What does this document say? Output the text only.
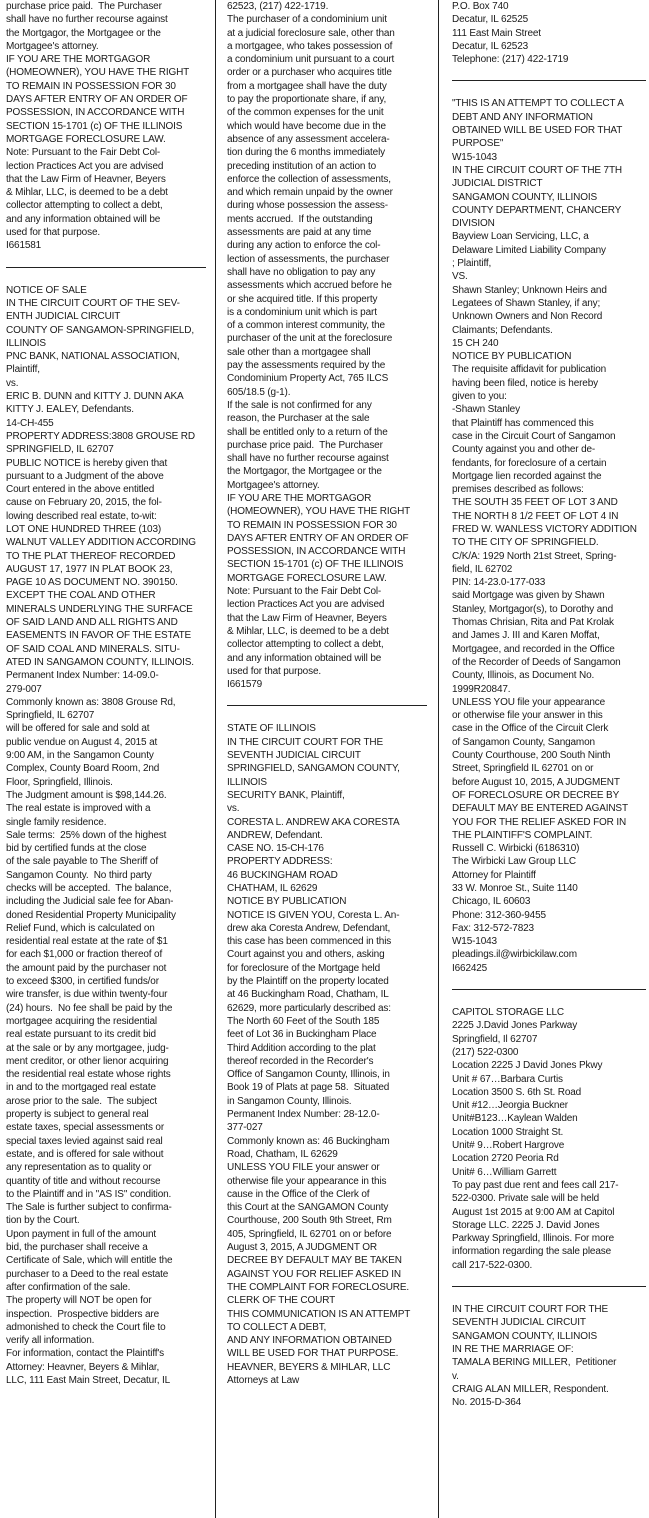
purchase price paid.  The Purchaser
shall have no further recourse against
the Mortgagor, the Mortgagee or the
Mortgagee's attorney.
IF YOU ARE THE MORTGAGOR
(HOMEOWNER), YOU HAVE THE RIGHT
TO REMAIN IN POSSESSION FOR 30
DAYS AFTER ENTRY OF AN ORDER OF
POSSESSION, IN ACCORDANCE WITH
SECTION 15-1701 (c) OF THE ILLINOIS
MORTGAGE FORECLOSURE LAW.
Note: Pursuant to the Fair Debt Col-
lection Practices Act you are advised
that the Law Firm of Heavner, Beyers
& Mihlar, LLC, is deemed to be a debt
collector attempting to collect a debt,
and any information obtained will be
used for that purpose.
I661581
NOTICE OF SALE
IN THE CIRCUIT COURT OF THE SEV-
ENTH JUDICIAL CIRCUIT
COUNTY OF SANGAMON-SPRINGFIELD,
ILLINOIS
PNC BANK, NATIONAL ASSOCIATION,
Plaintiff,
vs.
ERIC B. DUNN and KITTY J. DUNN AKA
KITTY J. EALEY, Defendants.
14-CH-455
PROPERTY ADDRESS:3808 GROUSE RD
SPRINGFIELD, IL 62707
PUBLIC NOTICE is hereby given that
pursuant to a Judgment of the above
Court entered in the above entitled
cause on February 20, 2015, the fol-
lowing described real estate, to-wit:
LOT ONE HUNDRED THREE (103)
WALNUT VALLEY ADDITION ACCORDING
TO THE PLAT THEREOF RECORDED
AUGUST 17, 1977 IN PLAT BOOK 23,
PAGE 10 AS DOCUMENT NO. 390150.
EXCEPT THE COAL AND OTHER
MINERALS UNDERLYING THE SURFACE
OF SAID LAND AND ALL RIGHTS AND
EASEMENTS IN FAVOR OF THE ESTATE
OF SAID COAL AND MINERALS. SITU-
ATED IN SANGAMON COUNTY, ILLINOIS.
Permanent Index Number: 14-09.0-
279-007
Commonly known as: 3808 Grouse Rd,
Springfield, IL 62707
will be offered for sale and sold at
public vendue on August 4, 2015 at
9:00 AM, in the Sangamon County
Complex, County Board Room, 2nd
Floor, Springfield, Illinois.
The Judgment amount is $98,144.26.
The real estate is improved with a
single family residence.
Sale terms:  25% down of the highest
bid by certified funds at the close
of the sale payable to The Sheriff of
Sangamon County.  No third party
checks will be accepted.  The balance,
including the Judicial sale fee for Aban-
doned Residential Property Municipality
Relief Fund, which is calculated on
residential real estate at the rate of $1
for each $1,000 or fraction thereof of
the amount paid by the purchaser not
to exceed $300, in certified funds/or
wire transfer, is due within twenty-four
(24) hours.  No fee shall be paid by the
mortgagee acquiring the residential
real estate pursuant to its credit bid
at the sale or by any mortgagee, judg-
ment creditor, or other lienor acquiring
the residential real estate whose rights
in and to the mortgaged real estate
arose prior to the sale.  The subject
property is subject to general real
estate taxes, special assessments or
special taxes levied against said real
estate, and is offered for sale without
any representation as to quality or
quantity of title and without recourse
to the Plaintiff and in "AS IS" condition.
The Sale is further subject to confirma-
tion by the Court.
Upon payment in full of the amount
bid, the purchaser shall receive a
Certificate of Sale, which will entitle the
purchaser to a Deed to the real estate
after confirmation of the sale.
The property will NOT be open for
inspection.  Prospective bidders are
admonished to check the Court file to
verify all information.
For information, contact the Plaintiff's
Attorney: Heavner, Beyers & Mihlar,
LLC, 111 East Main Street, Decatur, IL
62523, (217) 422-1719.
The purchaser of a condominium unit
at a judicial foreclosure sale, other than
a mortgagee, who takes possession of
a condominium unit pursuant to a court
order or a purchaser who acquires title
from a mortgagee shall have the duty
to pay the proportionate share, if any,
of the common expenses for the unit
which would have become due in the
absence of any assessment accelera-
tion during the 6 months immediately
preceding institution of an action to
enforce the collection of assessments,
and which remain unpaid by the owner
during whose possession the assess-
ments accrued.  If the outstanding
assessments are paid at any time
during any action to enforce the col-
lection of assessments, the purchaser
shall have no obligation to pay any
assessments which accrued before he
or she acquired title. If this property
is a condominium unit which is part
of a common interest community, the
purchaser of the unit at the foreclosure
sale other than a mortgagee shall
pay the assessments required by the
Condominium Property Act, 765 ILCS
605/18.5 (g-1).
If the sale is not confirmed for any
reason, the Purchaser at the sale
shall be entitled only to a return of the
purchase price paid.  The Purchaser
shall have no further recourse against
the Mortgagor, the Mortgagee or the
Mortgagee's attorney.
IF YOU ARE THE MORTGAGOR
(HOMEOWNER), YOU HAVE THE RIGHT
TO REMAIN IN POSSESSION FOR 30
DAYS AFTER ENTRY OF AN ORDER OF
POSSESSION, IN ACCORDANCE WITH
SECTION 15-1701 (c) OF THE ILLINOIS
MORTGAGE FORECLOSURE LAW.
Note: Pursuant to the Fair Debt Col-
lection Practices Act you are advised
that the Law Firm of Heavner, Beyers
& Mihlar, LLC, is deemed to be a debt
collector attempting to collect a debt,
and any information obtained will be
used for that purpose.
I661579
STATE OF ILLINOIS
IN THE CIRCUIT COURT FOR THE
SEVENTH JUDICIAL CIRCUIT
SPRINGFIELD, SANGAMON COUNTY,
ILLINOIS
SECURITY BANK, Plaintiff,
vs.
CORESTA L. ANDREW AKA CORESTA
ANDREW, Defendant.
CASE NO. 15-CH-176
PROPERTY ADDRESS:
46 BUCKINGHAM ROAD
CHATHAM, IL 62629
NOTICE BY PUBLICATION
NOTICE IS GIVEN YOU, Coresta L. An-
drew aka Coresta Andrew, Defendant,
this case has been commenced in this
Court against you and others, asking
for foreclosure of the Mortgage held
by the Plaintiff on the property located
at 46 Buckingham Road, Chatham, IL
62629, more particularly described as:
The North 60 Feet of the South 185
feet of Lot 36 in Buckingham Place
Third Addition according to the plat
thereof recorded in the Recorder's
Office of Sangamon County, Illinois, in
Book 19 of Plats at page 58.  Situated
in Sangamon County, Illinois.
Permanent Index Number: 28-12.0-
377-027
Commonly known as: 46 Buckingham
Road, Chatham, IL 62629
UNLESS YOU FILE your answer or
otherwise file your appearance in this
cause in the Office of the Clerk of
this Court at the SANGAMON County
Courthouse, 200 South 9th Street, Rm
405, Springfield, IL 62701 on or before
August 3, 2015, A JUDGMENT OR
DECREE BY DEFAULT MAY BE TAKEN
AGAINST YOU FOR RELIEF ASKED IN
THE COMPLAINT FOR FORECLOSURE.
CLERK OF THE COURT
THIS COMMUNICATION IS AN ATTEMPT
TO COLLECT A DEBT,
AND ANY INFORMATION OBTAINED
WILL BE USED FOR THAT PURPOSE.
HEAVNER, BEYERS & MIHLAR, LLC
Attorneys at Law
P.O. Box 740
Decatur, IL 62525
111 East Main Street
Decatur, IL 62523
Telephone: (217) 422-1719
"THIS IS AN ATTEMPT TO COLLECT A
DEBT AND ANY INFORMATION
OBTAINED WILL BE USED FOR THAT
PURPOSE"
W15-1043
IN THE CIRCUIT COURT OF THE 7TH
JUDICIAL DISTRICT
SANGAMON COUNTY, ILLINOIS
COUNTY DEPARTMENT, CHANCERY
DIVISION
Bayview Loan Servicing, LLC, a
Delaware Limited Liability Company
; Plaintiff,
VS.
Shawn Stanley; Unknown Heirs and
Legatees of Shawn Stanley, if any;
Unknown Owners and Non Record
Claimants; Defendants.
15 CH 240
NOTICE BY PUBLICATION
The requisite affidavit for publication
having been filed, notice is hereby
given to you:
-Shawn Stanley
that Plaintiff has commenced this
case in the Circuit Court of Sangamon
County against you and other de-
fendants, for foreclosure of a certain
Mortgage lien recorded against the
premises described as follows:
THE SOUTH 35 FEET OF LOT 3 AND
THE NORTH 8 1/2 FEET OF LOT 4 IN
FRED W. WANLESS VICTORY ADDITION
TO THE CITY OF SPRINGFIELD.
C/K/A: 1929 North 21st Street, Spring-
field, IL 62702
PIN: 14-23.0-177-033
said Mortgage was given by Shawn
Stanley, Mortgagor(s), to Dorothy and
Thomas Chrisian, Rita and Pat Krolak
and James J. III and Karen Moffat,
Mortgagee, and recorded in the Office
of the Recorder of Deeds of Sangamon
County, Illinois, as Document No.
1999R20847.
UNLESS YOU file your appearance
or otherwise file your answer in this
case in the Office of the Circuit Clerk
of Sangamon County, Sangamon
County Courthouse, 200 South Ninth
Street, Springfield IL 62701 on or
before August 10, 2015, A JUDGMENT
OF FORECLOSURE OR DECREE BY
DEFAULT MAY BE ENTERED AGAINST
YOU FOR THE RELIEF ASKED FOR IN
THE PLAINTIFF'S COMPLAINT.
Russell C. Wirbicki (6186310)
The Wirbicki Law Group LLC
Attorney for Plaintiff
33 W. Monroe St., Suite 1140
Chicago, IL 60603
Phone: 312-360-9455
Fax: 312-572-7823
W15-1043
pleadings.il@wirbickilaw.com
I662425
CAPITOL STORAGE LLC
2225 J.David Jones Parkway
Springfield, Il 62707
(217) 522-0300
Location 2225 J David Jones Pkwy
Unit # 67…Barbara Curtis
Location 3500 S. 6th St. Road
Unit #12…Jeorgia Buckner
Unit#B123…Kaylean Walden
Location 1000 Straight St.
Unit# 9…Robert Hargrove
Location 2720 Peoria Rd
Unit# 6…William Garrett
To pay past due rent and fees call 217-
522-0300. Private sale will be held
August 1st 2015 at 9:00 AM at Capitol
Storage LLC. 2225 J. David Jones
Parkway Springfield, Illinois. For more
information regarding the sale please
call 217-522-0300.
IN THE CIRCUIT COURT FOR THE
SEVENTH JUDICIAL CIRCUIT
SANGAMON COUNTY, ILLINOIS
IN RE THE MARRIAGE OF:
TAMALA BERING MILLER,  Petitioner
v.
CRAIG ALAN MILLER, Respondent.
No. 2015-D-364
